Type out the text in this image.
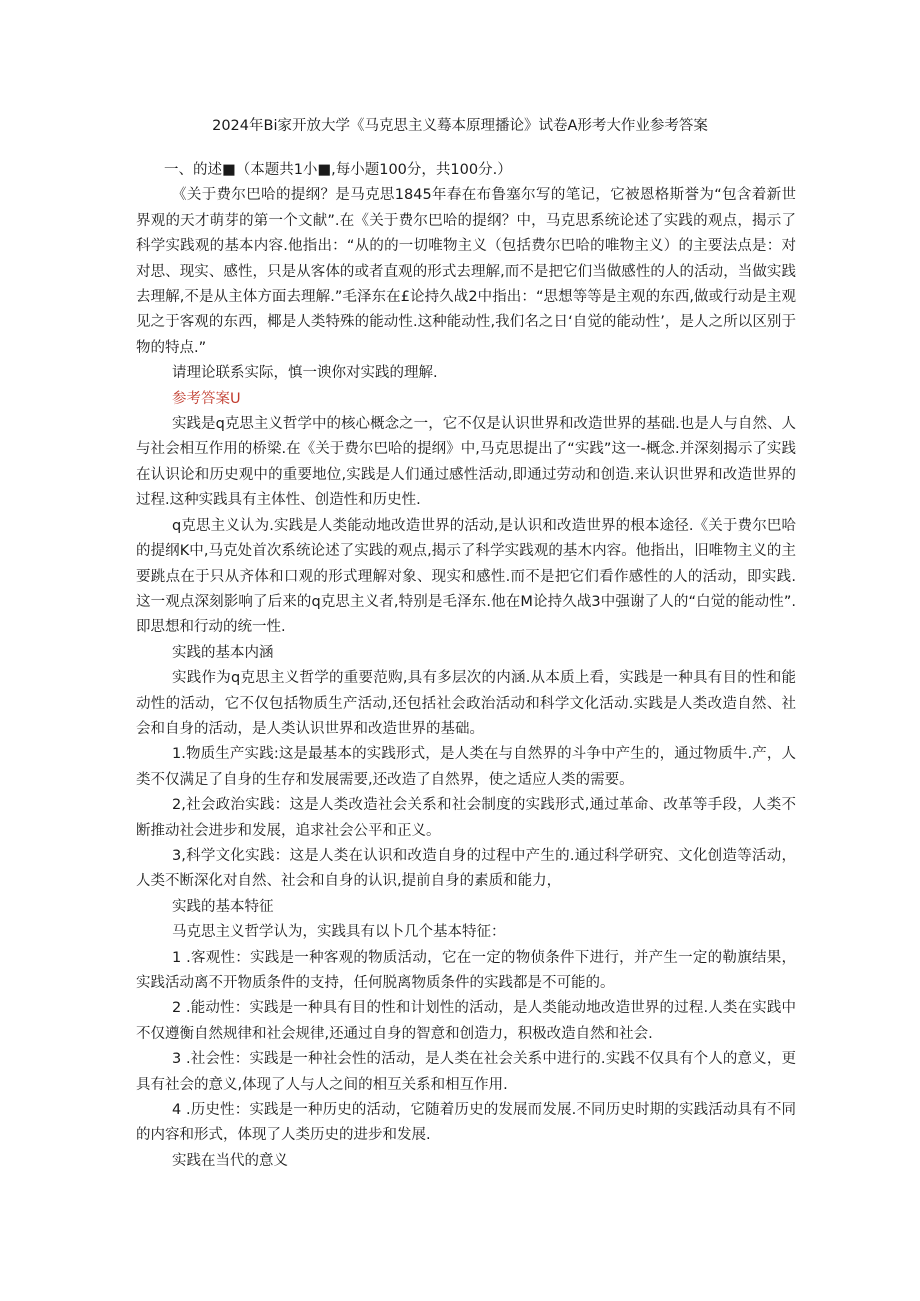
2024年Bi家开放大学《马克思主义蓦本原理播论》试卷A形考大作业参考答案

一、的述■（本题共1小■,每小题100分，共100分.）

《关于费尔巴哈的提纲？是马克思1845年春在布鲁塞尔写的笔记，它被恩格斯誉为“包含着新世界观的天才萌芽的第一个文献”.在《关于费尔巴哈的提纲？中，马克思系统论述了实践的观点，揭示了科学实践观的基本内容.他指出：“从的的一切唯物主义（包括费尔巴哈的唯物主义）的主要法点是：对对思、现实、感性，只是从客体的或者直观的形式去理解,而不是把它们当做感性的人的活动，当做实践去理解,不是从主体方面去理解.”毛泽东在£论持久战2中指出：“思想等等是主观的东西,做或行动是主观见之于客观的东西，椰是人类特殊的能动性.这种能动性,我们名之日‘自觉的能动性’，是人之所以区别于物的特点.”

请理论联系实际，慎一谀你对实践的理解.

参考答案U

实践是q克思主义哲学中的核心概念之一，它不仅是认识世界和改造世界的基础.也是人与自然、人与社会相互作用的桥梁.在《关于费尔巴哈的提纲》中,马克思提出了“实践”这一-概念.并深刻揭示了实践在认识论和历史观中的重要地位,实践是人们通过感性活动,即通过劳动和创造.来认识世界和改造世界的过程.这种实践具有主体性、创造性和历史性.

q克思主义认为.实践是人类能动地改造世界的活动,是认识和改造世界的根本途径.《关于费尔巴哈的提纲K中,马克处首次系统论述了实践的观点,揭示了科学实践观的基木内容。他指出，旧唯物主义的主要跳点在于只从齐体和口观的形式理解对象、现实和感性.而不是把它们看作感性的人的活动，即实践.这一观点深刻影响了后来的q克思主义者,特别是毛泽东.他在M论持久战3中强谢了人的“白觉的能动性”.即思想和行动的统一性.

实践的基本内涵

实践作为q克思主义哲学的重要范购,具有多层次的内涵.从本质上看，实践是一种具有目的性和能动性的活动，它不仅包括物质生产活动,还包括社会政治活动和科学文化活动.实践是人类改造自然、社会和自身的活动，是人类认识世界和改造世界的基础。

1.物质生产实践:这是最基本的实践形式，是人类在与自然界的斗争中产生的，通过物质牛.产，人类不仅满足了自身的生存和发展需要,还改造了自然界，使之适应人类的需要。

2,社会政治实践：这是人类改造社会关系和社会制度的实践形式,通过革命、改革等手段，人类不断推动社会进步和发展，追求社会公平和正义。

3,科学文化实践：这是人类在认识和改造自身的过程中产生的.通过科学研究、文化创造等活动，人类不断深化对自然、社会和自身的认识,提前自身的素质和能力，

实践的基本特征

马克思主义哲学认为，实践具有以卜几个基本特征：

1 .客观性：实践是一种客观的物质活动，它在一定的物侦条件下进行，并产生一定的勒旗结果，实践活动离不开物质条件的支持，任何脱离物质条件的实践都是不可能的。

2 .能动性：实践是一种具有目的性和计划性的活动，是人类能动地改造世界的过程.人类在实践中不仅遵衡自然规律和社会规律,还通过自身的智意和创造力，积极改造自然和社会.

3 .社会性：实践是一种社会性的活动，是人类在社会关系中进行的.实践不仅具有个人的意义，更具有社会的意义,体现了人与人之间的相互关系和相互作用.

4 .历史性：实践是一种历史的活动，它随着历史的发展而发展.不同历史时期的实践活动具有不同的内容和形式，体现了人类历史的进步和发展.

实践在当代的意义
